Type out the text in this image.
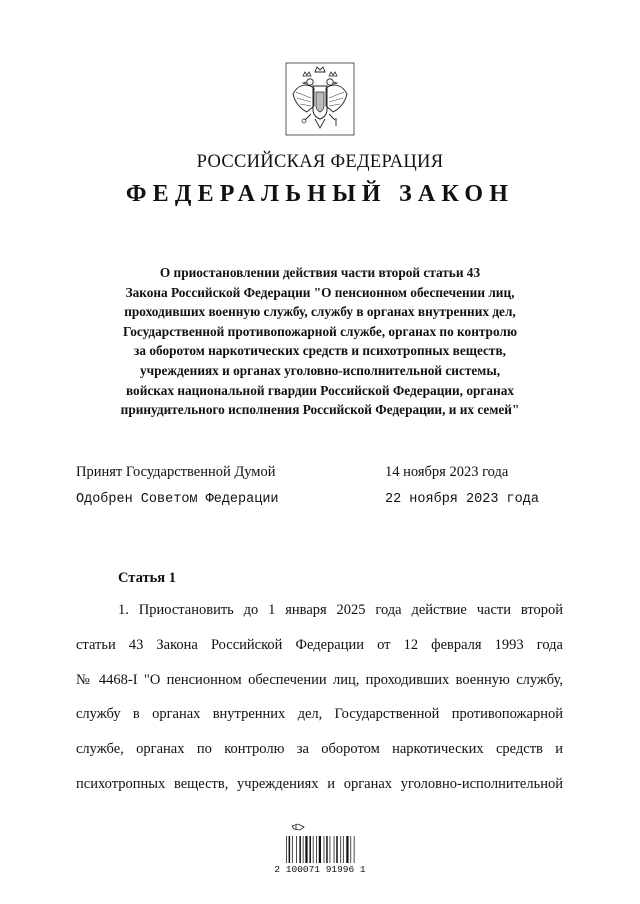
РОССИЙСКАЯ ФЕДЕРАЦИЯ
ФЕДЕРАЛЬНЫЙ ЗАКОН
О приостановлении действия части второй статьи 43
Закона Российской Федерации "О пенсионном обеспечении лиц,
проходивших военную службу, службу в органах внутренних дел,
Государственной противопожарной службе, органах по контролю
за оборотом наркотических средств и психотропных веществ,
учреждениях и органах уголовно-исполнительной системы,
войсках национальной гвардии Российской Федерации, органах
принудительного исполнения Российской Федерации, и их семей"
Принят Государственной Думой	14 ноября 2023 года
Одобрен Советом Федерации	22 ноября 2023 года
Статья 1
1. Приостановить до 1 января 2025 года действие части второй
статьи 43 Закона Российской Федерации от 12 февраля 1993 года
№ 4468-I "О пенсионном обеспечении лиц, проходивших военную службу,
службу в органах внутренних дел, Государственной противопожарной
службе, органах по контролю за оборотом наркотических средств и
психотропных веществ, учреждениях и органах уголовно-исполнительной
2 100071 91996 1
